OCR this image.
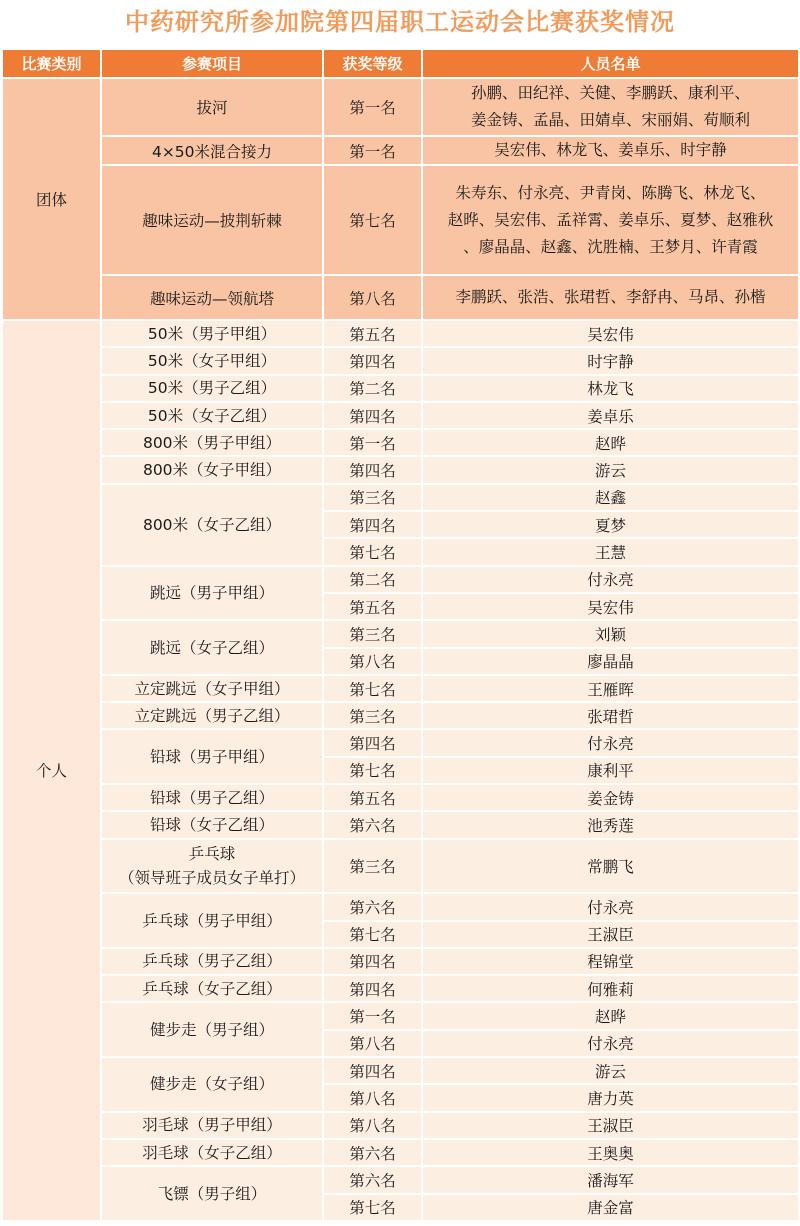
中药研究所参加院第四届职工运动会比赛获奖情况
比赛类别	参赛项目	获奖等级	人员名单
团体	拔河	第一名	孙鹏、田纪祥、关健、李鹏跃、康利平、
姜金铸、孟晶、田婧卓、宋丽娟、荀顺利

	4×50米混合接力	第一名	吴宏伟、林龙飞、姜卓乐、时宇静

	趣味运动—披荆斩棘	第七名	朱寿东、付永亮、尹青岗、陈腾飞、林龙飞、
赵晔、吴宏伟、孟祥霄、姜卓乐、夏梦、赵雅秋
、廖晶晶、赵鑫、沈胜楠、王梦月、许青霞

	趣味运动—领航塔	第八名	李鹏跃、张浩、张珺哲、李舒冉、马昂、孙楷

个人	50米（男子甲组）	第五名	吴宏伟

	50米（女子甲组）	第四名	时宇静

	50米（男子乙组）	第二名	林龙飞

	50米（女子乙组）	第四名	姜卓乐

	800米（男子甲组）	第一名	赵晔

	800米（女子甲组）	第四名	游云

	800米（女子乙组）	第三名	赵鑫
		第四名	夏梦
		第七名	王慧

	跳远（男子甲组）	第二名	付永亮
		第五名	吴宏伟

	跳远（女子乙组）	第三名	刘颖
		第八名	廖晶晶

	立定跳远（女子甲组）	第七名	王雁晖

	立定跳远（男子乙组）	第三名	张珺哲

	铅球（男子甲组）	第四名	付永亮
		第七名	康利平

	铅球（男子乙组）	第五名	姜金铸

	铅球（女子乙组）	第六名	池秀莲

	乒乓球
（领导班子成员女子单打）	第三名	常鹏飞

	乒乓球（男子甲组）	第六名	付永亮
		第七名	王淑臣

	乒乓球（男子乙组）	第四名	程锦堂

	乒乓球（女子乙组）	第四名	何雅莉

	健步走（男子组）	第一名	赵晔
		第八名	付永亮

	健步走（女子组）	第四名	游云
		第八名	唐力英

	羽毛球（男子甲组）	第八名	王淑臣

	羽毛球（女子乙组）	第六名	王奥奥

	飞镖（男子组）	第六名	潘海军
		第七名	唐金富
